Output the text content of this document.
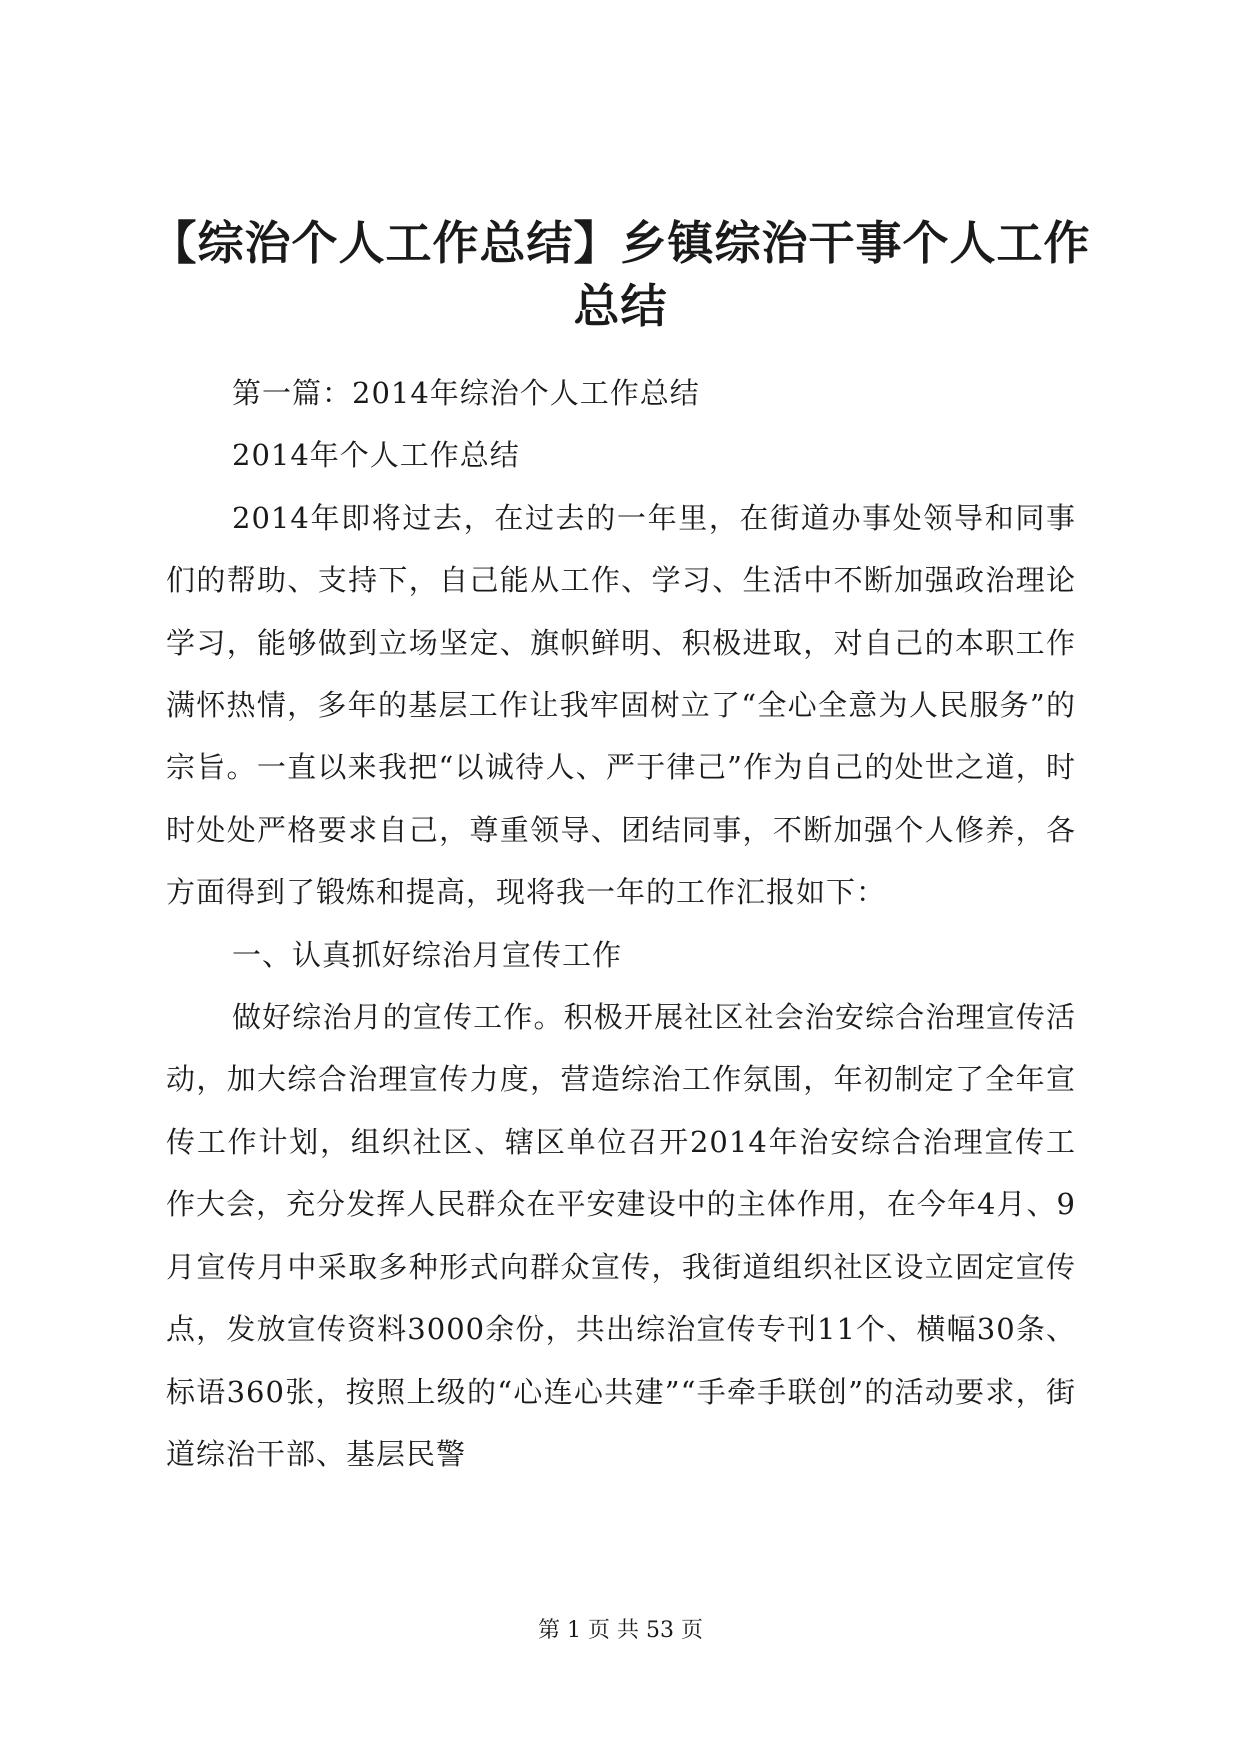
【综治个人工作总结】乡镇综治干事个人工作总结

第一篇：2014年综治个人工作总结

2014年个人工作总结

2014年即将过去，在过去的一年里，在街道办事处领导和同事们的帮助、支持下，自己能从工作、学习、生活中不断加强政治理论学习，能够做到立场坚定、旗帜鲜明、积极进取，对自己的本职工作满怀热情，多年的基层工作让我牢固树立了“全心全意为人民服务”的宗旨。一直以来我把“以诚待人、严于律己”作为自己的处世之道，时时处处严格要求自己，尊重领导、团结同事，不断加强个人修养，各方面得到了锻炼和提高，现将我一年的工作汇报如下：

一、认真抓好综治月宣传工作

做好综治月的宣传工作。积极开展社区社会治安综合治理宣传活动，加大综合治理宣传力度，营造综治工作氛围，年初制定了全年宣传工作计划，组织社区、辖区单位召开2014年治安综合治理宣传工作大会，充分发挥人民群众在平安建设中的主体作用，在今年4月、9月宣传月中采取多种形式向群众宣传，我街道组织社区设立固定宣传点，发放宣传资料3000余份，共出综治宣传专刊11个、横幅30条、标语360张，按照上级的“心连心共建”“手牵手联创”的活动要求，街道综治干部、基层民警

第 1 页 共 53 页
